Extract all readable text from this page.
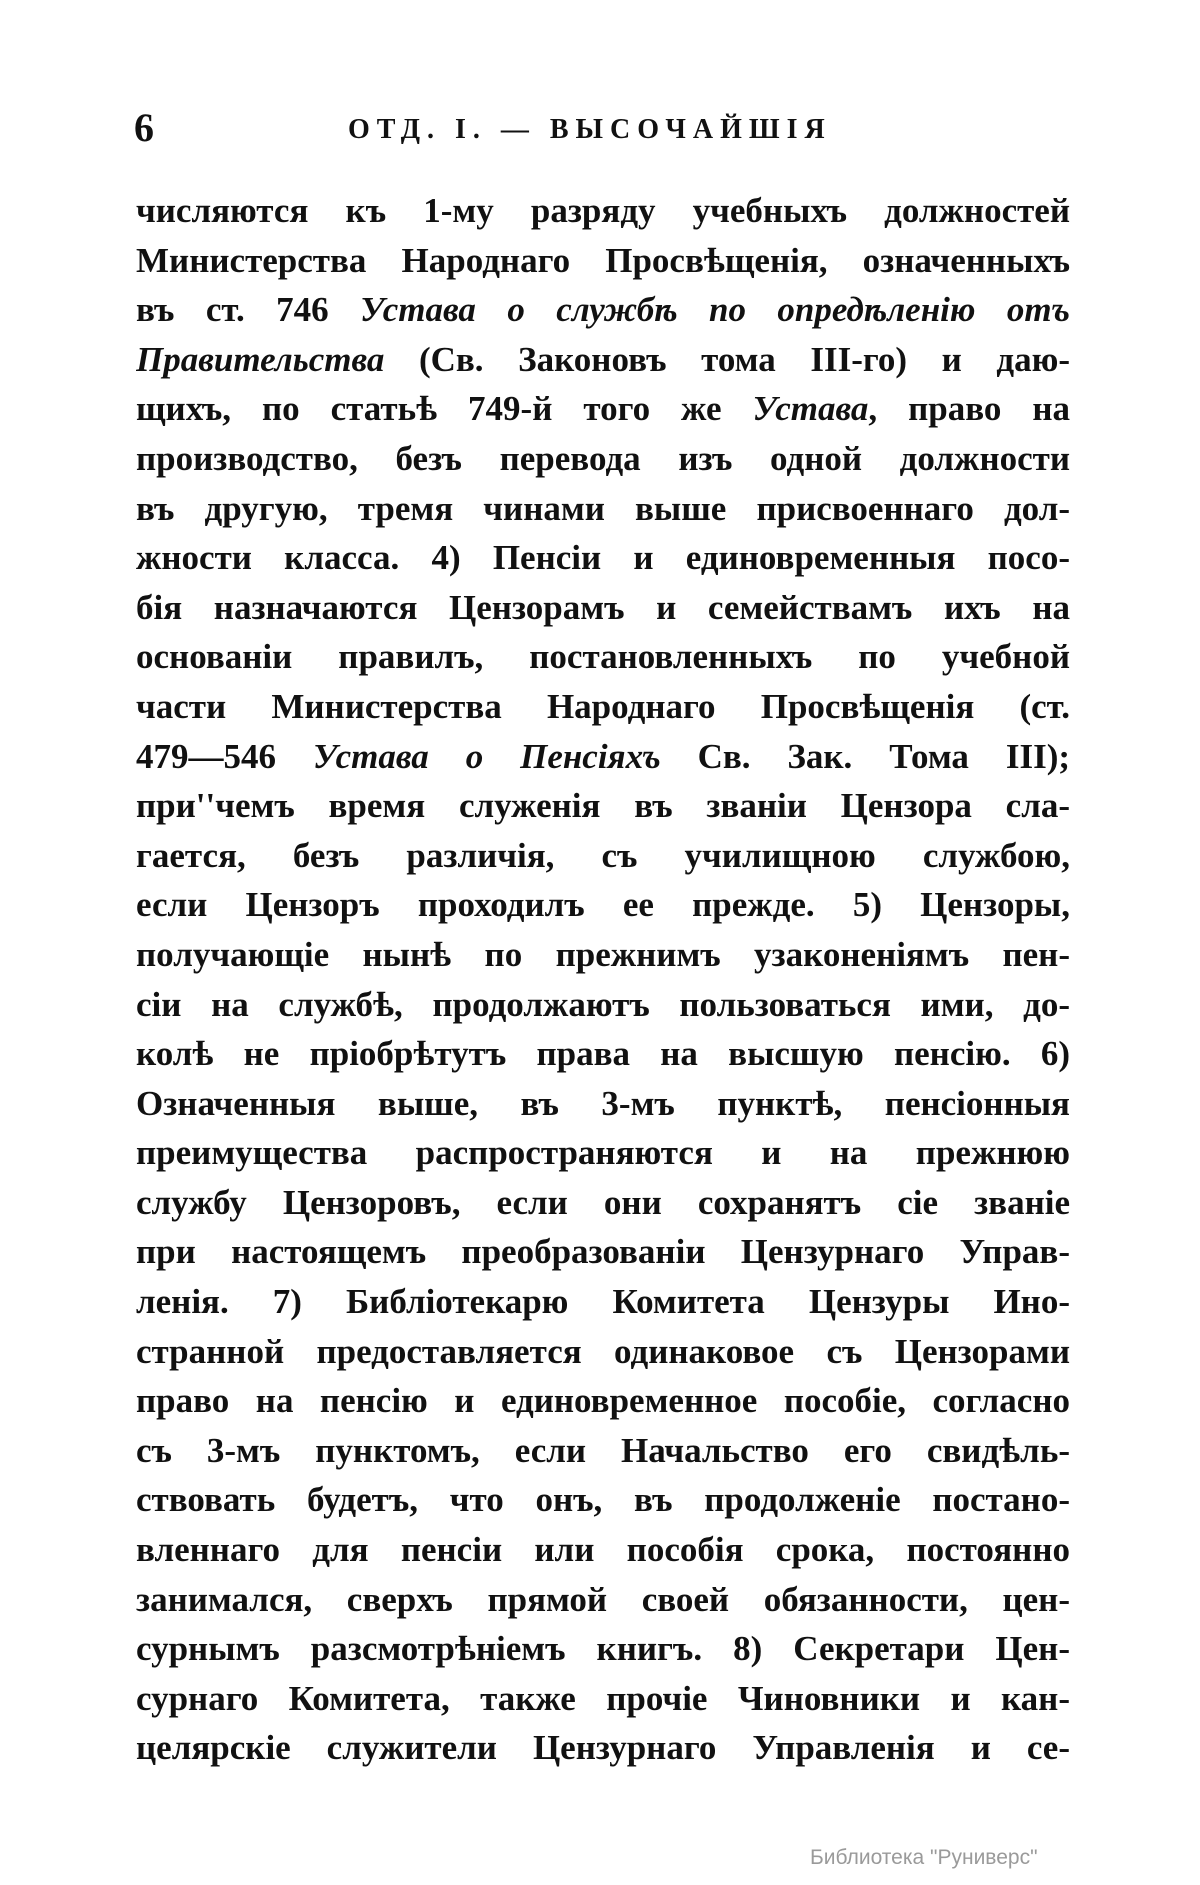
6	ОТД. I. — ВЫСОЧАЙШІЯ
числяются къ 1-му разряду учебныхъ должностей
Министерства Народнаго Просвѣщенія, означенныхъ
въ ст. 746 Устава о службѣ по опредѣленію отъ
Правительства (Св. Законовъ тома III-го) и даю-
щихъ, по статьѣ 749-й того же Устава, право на
производство, безъ перевода изъ одной должности
въ другую, тремя чинами выше присвоеннаго дол-
жности класса. 4) Пенсіи и единовременныя посо-
бія назначаются Цензорамъ и семействамъ ихъ на
основаніи правилъ, постановленныхъ по учебной
части Министерства Народнаго Просвѣщенія (ст.
479—546 Устава о Пенсіяхъ Св. Зак. Тома III);
при''чемъ время служенія въ званіи Цензора сла-
гается, безъ различія, съ училищною службою,
если Цензоръ проходилъ ее прежде. 5) Цензоры,
получающіе нынѣ по прежнимъ узаконеніямъ пен-
сіи на службѣ, продолжаютъ пользоваться ими, до-
колѣ не пріобрѣтутъ права на высшую пенсію. 6)
Означенныя выше, въ 3-мъ пунктѣ, пенсіонныя
преимущества распространяются и на прежнюю
службу Цензоровъ, если они сохранятъ сіе званіе
при настоящемъ преобразованіи Цензурнаго Управ-
ленія. 7) Библіотекарю Комитета Цензуры Ино-
странной предоставляется одинаковое съ Цензорами
право на пенсію и единовременное пособіе, согласно
съ 3-мъ пунктомъ, если Начальство его свидѣль-
ствовать будетъ, что онъ, въ продолженіе постано-
вленнаго для пенсіи или пособія срока, постоянно
занимался, сверхъ прямой своей обязанности, цен-
сурнымъ разсмотрѣніемъ книгъ. 8) Секретари Цен-
сурнаго Комитета, также прочіе Чиновники и кан-
целярскіе служители Цензурнаго Управленія и се-
Библиотека "Руниверс"
